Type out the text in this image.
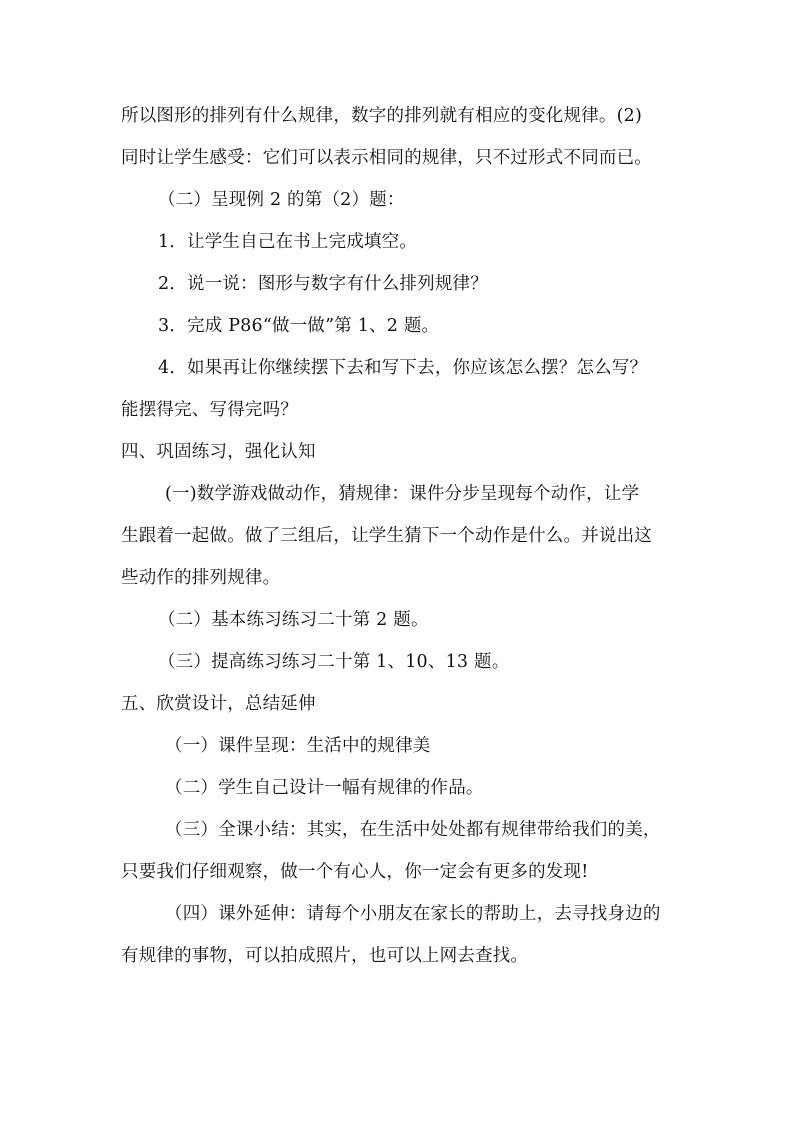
所以图形的排列有什么规律，数字的排列就有相应的变化规律。(2)
同时让学生感受：它们可以表示相同的规律，只不过形式不同而已。
（二）呈现例 2 的第（2）题：
1．让学生自己在书上完成填空。
2．说一说：图形与数字有什么排列规律？
3．完成 P86“做一做”第 1、2 题。
4．如果再让你继续摆下去和写下去，你应该怎么摆？怎么写？
能摆得完、写得完吗？
四、巩固练习，强化认知
(一)数学游戏做动作，猜规律：课件分步呈现每个动作，让学
生跟着一起做。做了三组后，让学生猜下一个动作是什么。并说出这
些动作的排列规律。
（二）基本练习练习二十第 2 题。
（三）提高练习练习二十第 1、10、13 题。
五、欣赏设计，总结延伸
（一）课件呈现：生活中的规律美
（二）学生自己设计一幅有规律的作品。
（三）全课小结：其实，在生活中处处都有规律带给我们的美，
只要我们仔细观察，做一个有心人，你一定会有更多的发现!
（四）课外延伸：请每个小朋友在家长的帮助上，去寻找身边的
有规律的事物，可以拍成照片，也可以上网去查找。
